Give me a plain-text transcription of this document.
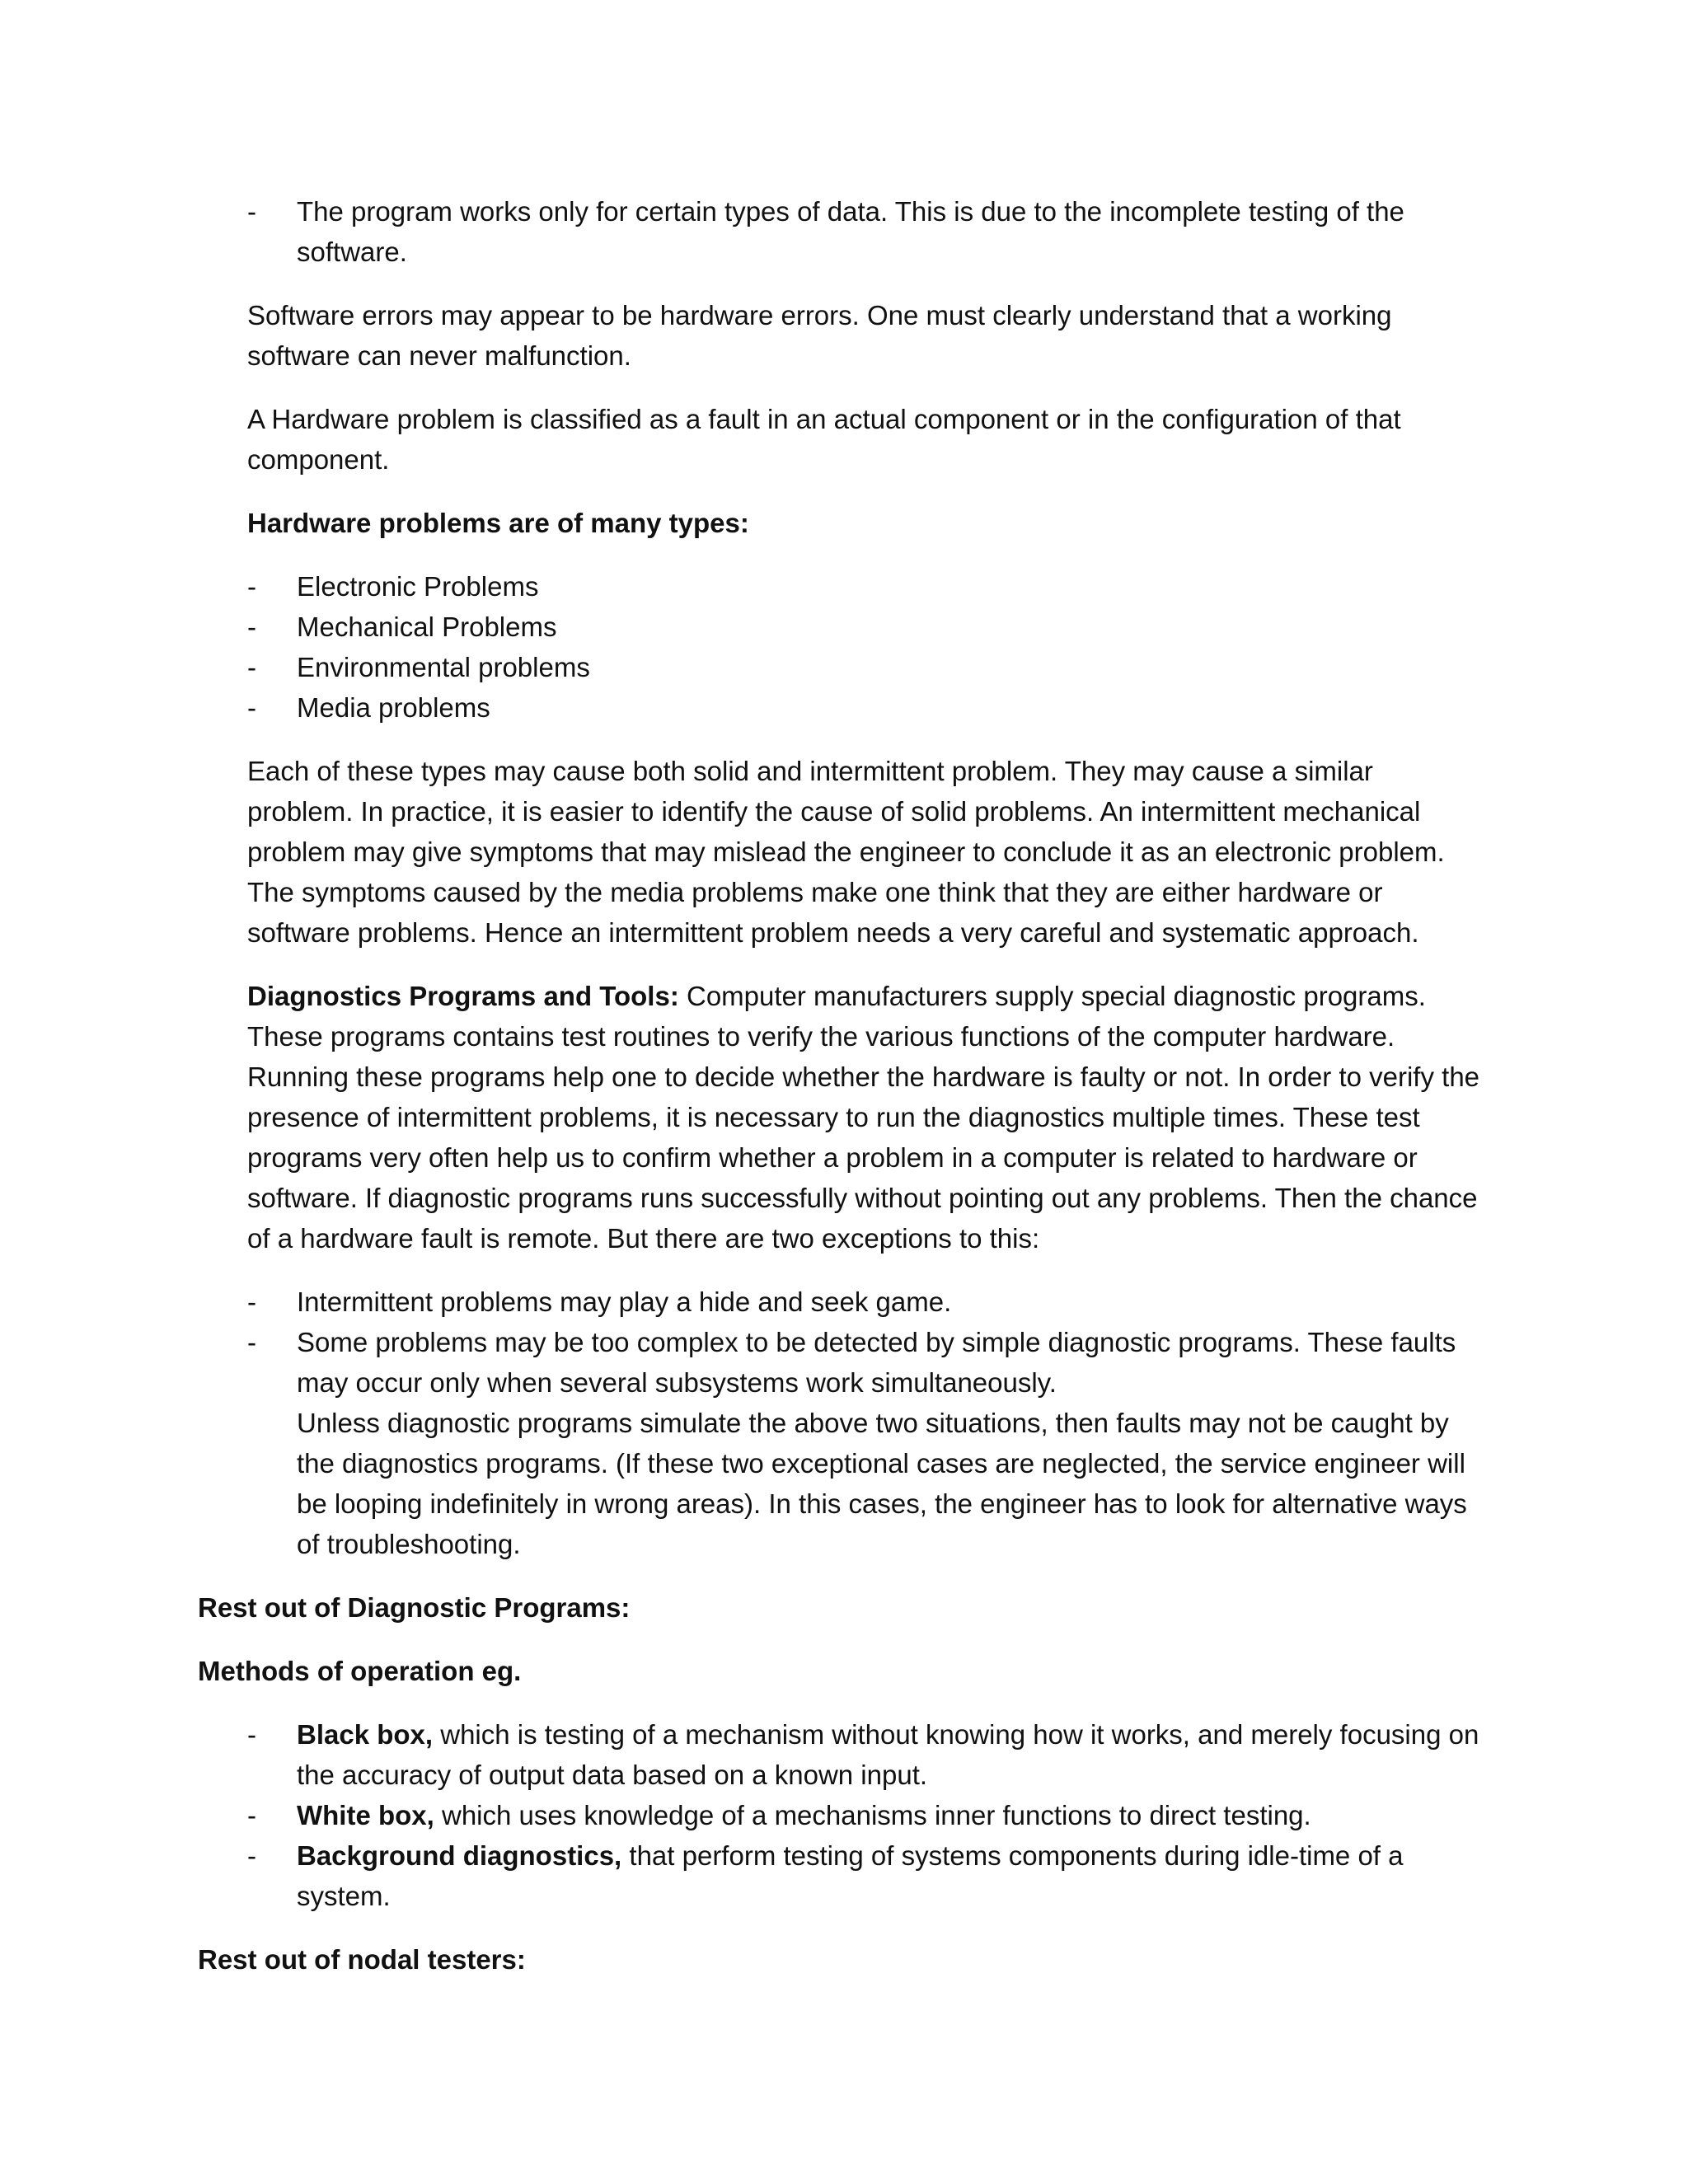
-	The program works only for certain types of data. This is due to the incomplete testing of the software.

Software errors may appear to be hardware errors. One must clearly understand that a working software can never malfunction.

A Hardware problem is classified as a fault in an actual component or in the configuration of that component.

Hardware problems are of many types:

-	Electronic Problems
-	Mechanical Problems
-	Environmental problems
-	Media problems

Each of these types may cause both solid and intermittent problem. They may cause a similar problem. In practice, it is easier to identify the cause of solid problems. An intermittent mechanical problem may give symptoms that may mislead the engineer to conclude it as an electronic problem. The symptoms caused by the media problems make one think that they are either hardware or software problems. Hence an intermittent problem needs a very careful and systematic approach.

Diagnostics Programs and Tools: Computer manufacturers supply special diagnostic programs. These programs contains test routines to verify the various functions of the computer hardware. Running these programs help one to decide whether the hardware is faulty or not. In order to verify the presence of intermittent problems, it is necessary to run the diagnostics multiple times. These test programs very often help us to confirm whether a problem in a computer is related to hardware or software. If diagnostic programs runs successfully without pointing out any problems. Then the chance of a hardware fault is remote. But there are two exceptions to this:

-	Intermittent problems may play a hide and seek game.
-	Some problems may be too complex to be detected by simple diagnostic programs. These faults may occur only when several subsystems work simultaneously.
Unless diagnostic programs simulate the above two situations, then faults may not be caught by the diagnostics programs. (If these two exceptional cases are neglected, the service engineer will be looping indefinitely in wrong areas). In this cases, the engineer has to look for alternative ways of troubleshooting.

Rest out of Diagnostic Programs:

Methods of operation eg.

-	Black box, which is testing of a mechanism without knowing how it works, and merely focusing on the accuracy of output data based on a known input.
-	White box, which uses knowledge of a mechanisms inner functions to direct testing.
-	Background diagnostics, that perform testing of systems components during idle-time of a system.

Rest out of nodal testers:
